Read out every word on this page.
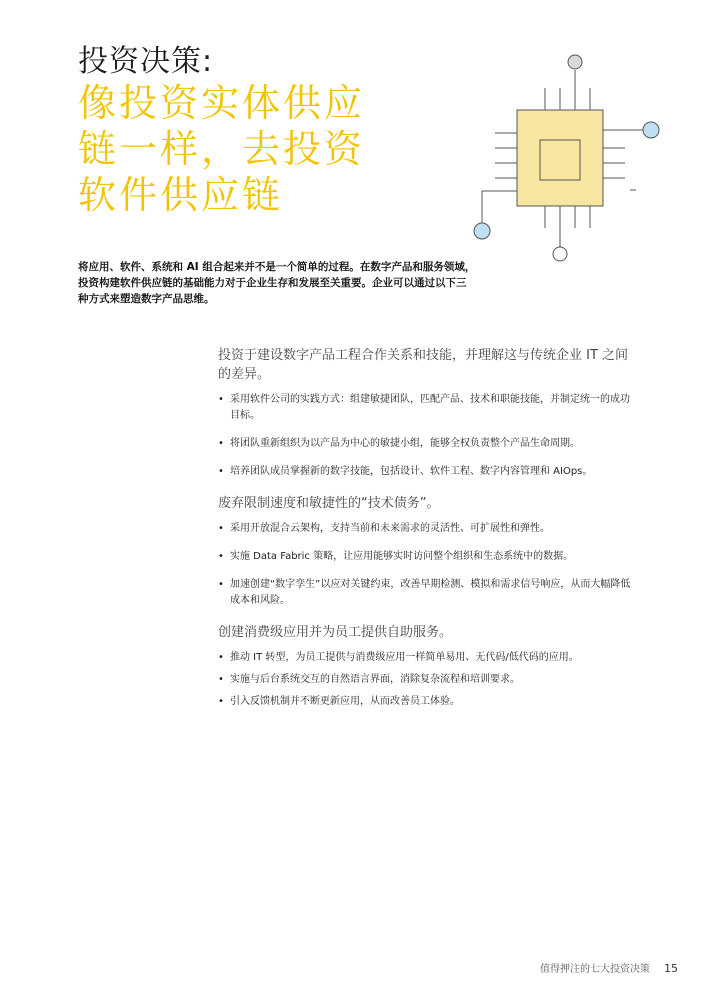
投资决策:
像投资实体供应
链一样，去投资
软件供应链
将应用、软件、系统和 AI 组合起来并不是一个简单的过程。在数字产品和服务领域，
投资构建软件供应链的基础能力对于企业生存和发展至关重要。企业可以通过以下三
种方式来塑造数字产品思维。
投资于建设数字产品工程合作关系和技能，并理解这与传统企业 IT 之间的差异。
• 采用软件公司的实践方式：组建敏捷团队，匹配产品、技术和职能技能，并制定统一的成功目标。
• 将团队重新组织为以产品为中心的敏捷小组，能够全权负责整个产品生命周期。
• 培养团队成员掌握新的数字技能，包括设计、软件工程、数字内容管理和 AIOps。
废弃限制速度和敏捷性的“技术债务”。
• 采用开放混合云架构，支持当前和未来需求的灵活性、可扩展性和弹性。
• 实施 Data Fabric 策略，让应用能够实时访问整个组织和生态系统中的数据。
• 加速创建“数字孪生”以应对关键约束，改善早期检测、模拟和需求信号响应，从而大幅降低成本和风险。
创建消费级应用并为员工提供自助服务。
• 推动 IT 转型，为员工提供与消费级应用一样简单易用、无代码/低代码的应用。
• 实施与后台系统交互的自然语言界面，消除复杂流程和培训要求。
• 引入反馈机制并不断更新应用，从而改善员工体验。
值得押注的七大投资决策 15
